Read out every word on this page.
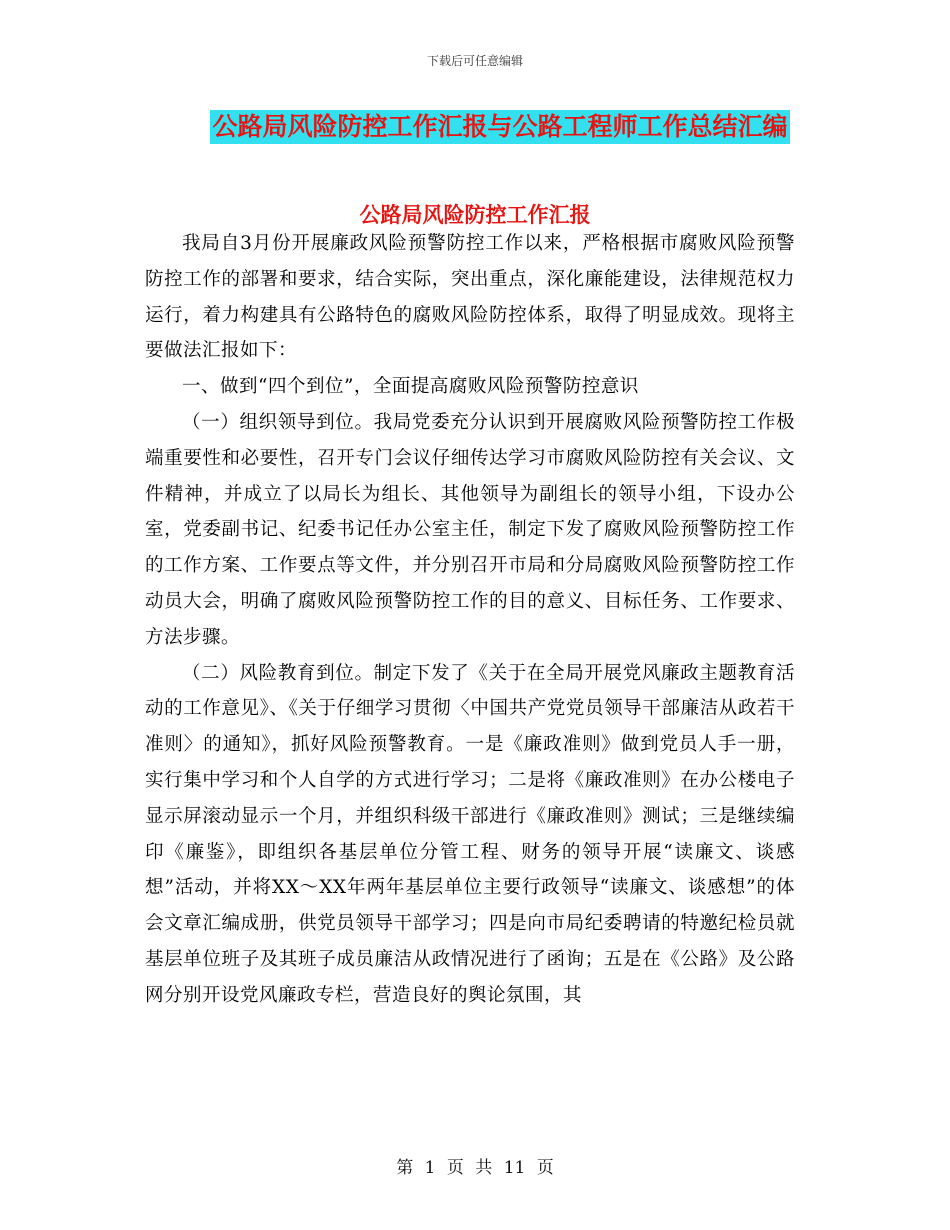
下载后可任意编辑
公路局风险防控工作汇报与公路工程师工作总结汇编
公路局风险防控工作汇报

我局自3月份开展廉政风险预警防控工作以来，严格根据市腐败风险预警防控工作的部署和要求，结合实际，突出重点，深化廉能建设，法律规范权力运行，着力构建具有公路特色的腐败风险防控体系，取得了明显成效。现将主要做法汇报如下：

一、做到“四个到位”，全面提高腐败风险预警防控意识

（一）组织领导到位。我局党委充分认识到开展腐败风险预警防控工作极端重要性和必要性，召开专门会议仔细传达学习市腐败风险防控有关会议、文件精神，并成立了以局长为组长、其他领导为副组长的领导小组，下设办公室，党委副书记、纪委书记任办公室主任，制定下发了腐败风险预警防控工作的工作方案、工作要点等文件，并分别召开市局和分局腐败风险预警防控工作动员大会，明确了腐败风险预警防控工作的目的意义、目标任务、工作要求、方法步骤。

（二）风险教育到位。制定下发了《关于在全局开展党风廉政主题教育活动的工作意见》、《关于仔细学习贯彻〈中国共产党党员领导干部廉洁从政若干准则〉的通知》，抓好风险预警教育。一是《廉政准则》做到党员人手一册，实行集中学习和个人自学的方式进行学习；二是将《廉政准则》在办公楼电子显示屏滚动显示一个月，并组织科级干部进行《廉政准则》测试；三是继续编印《廉鉴》，即组织各基层单位分管工程、财务的领导开展“读廉文、谈感想”活动，并将XX～XX年两年基层单位主要行政领导“读廉文、谈感想”的体会文章汇编成册，供党员领导干部学习；四是向市局纪委聘请的特邀纪检员就基层单位班子及其班子成员廉洁从政情况进行了函询；五是在《公路》及公路网分别开设党风廉政专栏，营造良好的舆论氛围，其

第 1 页 共 11 页
